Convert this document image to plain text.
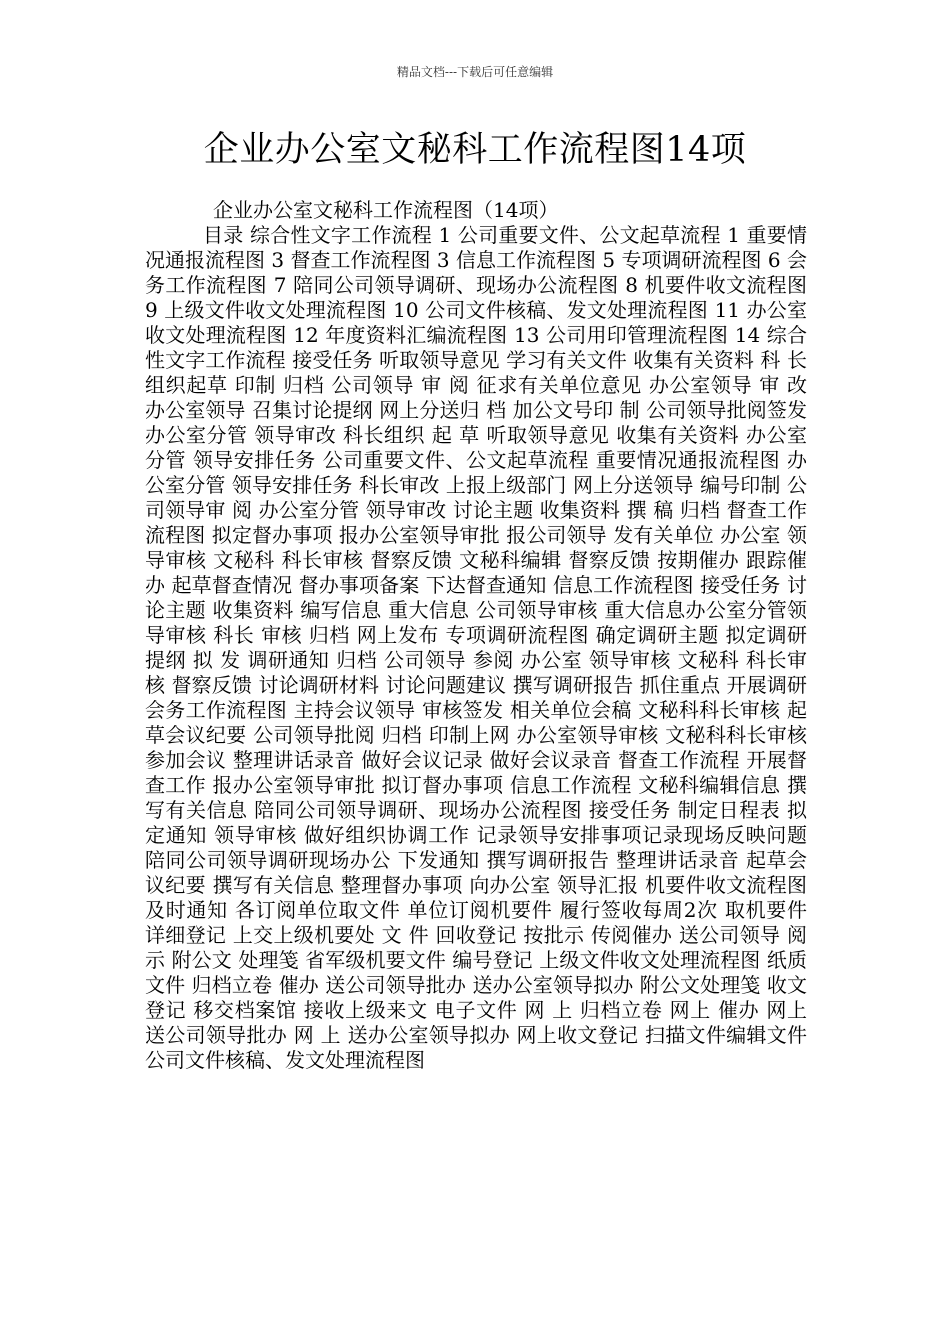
精品文档---下载后可任意编辑
企业办公室文秘科工作流程图14项

企业办公室文秘科工作流程图（14项）

目录 综合性文字工作流程 1 公司重要文件、公文起草流程 1 重要情况通报流程图 3 督查工作流程图 3 信息工作流程图 5 专项调研流程图 6 会务工作流程图 7 陪同公司领导调研、现场办公流程图 8 机要件收文流程图 9 上级文件收文处理流程图 10 公司文件核稿、发文处理流程图 11 办公室收文处理流程图 12 年度资料汇编流程图 13 公司用印管理流程图 14 综合性文字工作流程 接受任务 听取领导意见 学习有关文件 收集有关资料 科 长 组织起草 印制 归档 公司领导 审 阅 征求有关单位意见 办公室领导 审 改 办公室领导 召集讨论提纲 网上分送归 档 加公文号印 制 公司领导批阅签发 办公室分管 领导审改 科长组织 起 草 听取领导意见 收集有关资料 办公室分管 领导安排任务 公司重要文件、公文起草流程 重要情况通报流程图 办公室分管 领导安排任务 科长审改 上报上级部门 网上分送领导 编号印制 公司领导审 阅 办公室分管 领导审改 讨论主题 收集资料 撰 稿 归档 督查工作流程图 拟定督办事项 报办公室领导审批 报公司领导 发有关单位 办公室 领导审核 文秘科 科长审核 督察反馈 文秘科编辑 督察反馈 按期催办 跟踪催办 起草督查情况 督办事项备案 下达督查通知 信息工作流程图 接受任务 讨论主题 收集资料 编写信息 重大信息 公司领导审核 重大信息办公室分管领导审核 科长 审核 归档 网上发布 专项调研流程图 确定调研主题 拟定调研提纲 拟 发 调研通知 归档 公司领导 参阅 办公室 领导审核 文秘科 科长审核 督察反馈 讨论调研材料 讨论问题建议 撰写调研报告 抓住重点 开展调研 会务工作流程图 主持会议领导 审核签发 相关单位会稿 文秘科科长审核 起草会议纪要 公司领导批阅 归档 印制上网 办公室领导审核 文秘科科长审核 参加会议 整理讲话录音 做好会议记录 做好会议录音 督查工作流程 开展督查工作 报办公室领导审批 拟订督办事项 信息工作流程 文秘科编辑信息 撰写有关信息 陪同公司领导调研、现场办公流程图 接受任务 制定日程表 拟定通知 领导审核 做好组织协调工作 记录领导安排事项记录现场反映问题 陪同公司领导调研现场办公 下发通知 撰写调研报告 整理讲话录音 起草会议纪要 撰写有关信息 整理督办事项 向办公室 领导汇报 机要件收文流程图 及时通知 各订阅单位取文件 单位订阅机要件 履行签收每周2次 取机要件 详细登记 上交上级机要处 文 件 回收登记 按批示 传阅催办 送公司领导 阅 示 附公文 处理笺 省军级机要文件 编号登记 上级文件收文处理流程图 纸质文件 归档立卷 催办 送公司领导批办 送办公室领导拟办 附公文处理笺 收文登记 移交档案馆 接收上级来文 电子文件 网 上 归档立卷 网上 催办 网上 送公司领导批办 网 上 送办公室领导拟办 网上收文登记 扫描文件编辑文件 公司文件核稿、发文处理流程图
